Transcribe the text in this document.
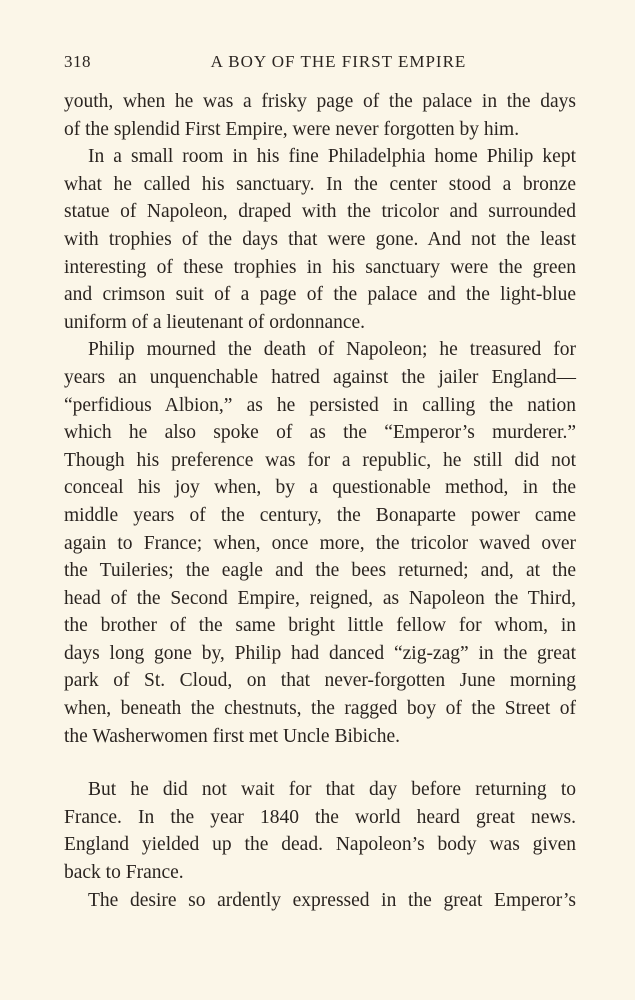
318	A BOY OF THE FIRST EMPIRE
youth, when he was a frisky page of the palace in the days
of the splendid First Empire, were never forgotten by him.
In a small room in his fine Philadelphia home Philip kept
what he called his sanctuary. In the center stood a bronze
statue of Napoleon, draped with the tricolor and surrounded
with trophies of the days that were gone. And not the least
interesting of these trophies in his sanctuary were the green
and crimson suit of a page of the palace and the light-blue
uniform of a lieutenant of ordonnance.
Philip mourned the death of Napoleon; he treasured for
years an unquenchable hatred against the jailer England—
“perfidious Albion,” as he persisted in calling the nation
which he also spoke of as the “Emperor’s murderer.”
Though his preference was for a republic, he still did not
conceal his joy when, by a questionable method, in the
middle years of the century, the Bonaparte power came
again to France; when, once more, the tricolor waved over
the Tuileries; the eagle and the bees returned; and, at the
head of the Second Empire, reigned, as Napoleon the Third,
the brother of the same bright little fellow for whom, in
days long gone by, Philip had danced “zig-zag” in the great
park of St. Cloud, on that never-forgotten June morning
when, beneath the chestnuts, the ragged boy of the Street of
the Washerwomen first met Uncle Bibiche.
But he did not wait for that day before returning to
France. In the year 1840 the world heard great news.
England yielded up the dead. Napoleon’s body was given
back to France.
The desire so ardently expressed in the great Emperor’s
